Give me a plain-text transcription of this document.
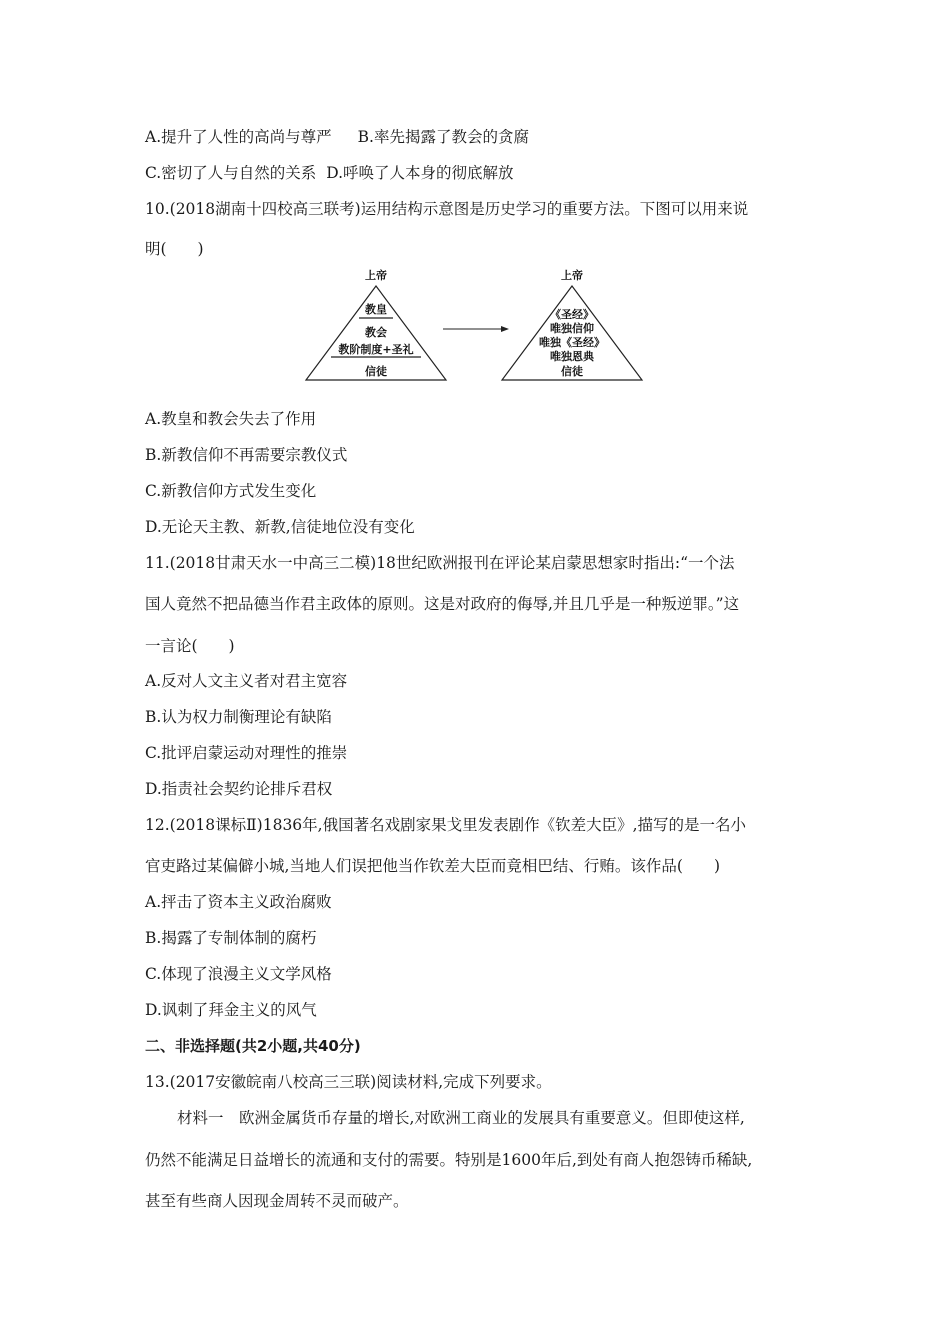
A.提升了人性的高尚与尊严 B.率先揭露了教会的贪腐
C.密切了人与自然的关系 D.呼唤了人本身的彻底解放
10.(2018湖南十四校高三联考)运用结构示意图是历史学习的重要方法。下图可以用来说
明(　　)
上帝
教皇
教会
教阶制度+圣礼
信徒
上帝
《圣经》
唯独信仰
唯独《圣经》
唯独恩典
信徒
A.教皇和教会失去了作用
B.新教信仰不再需要宗教仪式
C.新教信仰方式发生变化
D.无论天主教、新教,信徒地位没有变化
11.(2018甘肃天水一中高三二模)18世纪欧洲报刊在评论某启蒙思想家时指出:“一个法
国人竟然不把品德当作君主政体的原则。这是对政府的侮辱,并且几乎是一种叛逆罪。”这
一言论(　　)
A.反对人文主义者对君主宽容
B.认为权力制衡理论有缺陷
C.批评启蒙运动对理性的推崇
D.指责社会契约论排斥君权
12.(2018课标Ⅱ)1836年,俄国著名戏剧家果戈里发表剧作《钦差大臣》,描写的是一名小
官吏路过某偏僻小城,当地人们误把他当作钦差大臣而竟相巴结、行贿。该作品(　　)
A.抨击了资本主义政治腐败
B.揭露了专制体制的腐朽
C.体现了浪漫主义文学风格
D.讽刺了拜金主义的风气
二、非选择题(共2小题,共40分)
13.(2017安徽皖南八校高三三联)阅读材料,完成下列要求。
材料一　欧洲金属货币存量的增长,对欧洲工商业的发展具有重要意义。但即使这样,
仍然不能满足日益增长的流通和支付的需要。特别是1600年后,到处有商人抱怨铸币稀缺,
甚至有些商人因现金周转不灵而破产。
